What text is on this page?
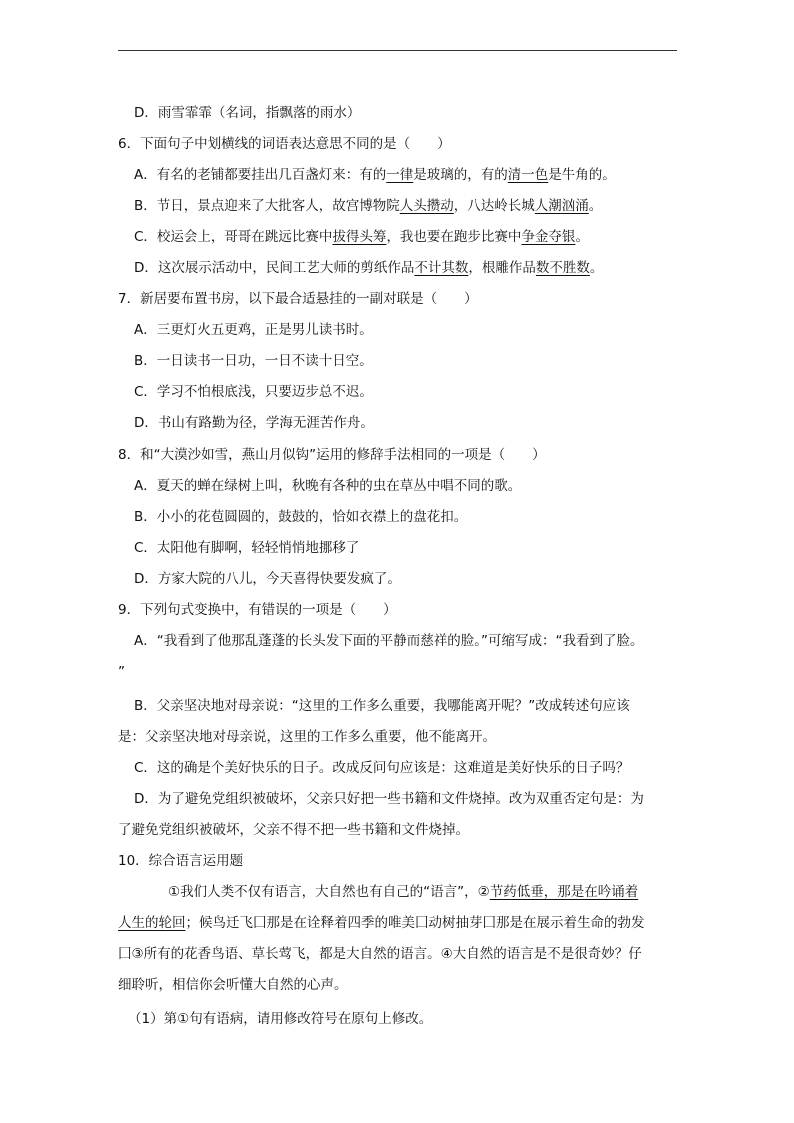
D．雨雪霏霏（名词，指飘落的雨水）
6．下面句子中划横线的词语表达意思不同的是（　　）
A．有名的老铺都要挂出几百盏灯来：有的一律是玻璃的，有的清一色是牛角的。
B．节日，景点迎来了大批客人，故宫博物院人头攒动，八达岭长城人潮汹涌。
C．校运会上，哥哥在跳远比赛中拔得头筹，我也要在跑步比赛中争金夺银。
D．这次展示活动中，民间工艺大师的剪纸作品不计其数，根雕作品数不胜数。
7．新居要布置书房，以下最合适悬挂的一副对联是（　　）
A．三更灯火五更鸡，正是男儿读书时。
B．一日读书一日功，一日不读十日空。
C．学习不怕根底浅，只要迈步总不迟。
D．书山有路勤为径，学海无涯苦作舟。
8．和“大漠沙如雪，燕山月似钩”运用的修辞手法相同的一项是（　　）
A．夏天的蝉在绿树上叫，秋晚有各种的虫在草丛中唱不同的歌。
B．小小的花苞圆圆的，鼓鼓的，恰如衣襟上的盘花扣。
C．太阳他有脚啊，轻轻悄悄地挪移了
D．方家大院的八儿，今天喜得快要发疯了。
9．下列句式变换中，有错误的一项是（　　）
A．“我看到了他那乱蓬蓬的长头发下面的平静而慈祥的脸。”可缩写成：“我看到了脸。
”
B．父亲坚决地对母亲说：“这里的工作多么重要，我哪能离开呢？”改成转述句应该
是：父亲坚决地对母亲说，这里的工作多么重要，他不能离开。
C．这的确是个美好快乐的日子。改成反问句应该是：这难道是美好快乐的日子吗？
D．为了避免党组织被破坏，父亲只好把一些书籍和文件烧掉。改为双重否定句是：为
了避免党组织被破坏，父亲不得不把一些书籍和文件烧掉。
10．综合语言运用题
①我们人类不仅有语言，大自然也有自己的“语言”，②节药低垂，那是在吟诵着
人生的轮回；候鸟迁飞囗那是在诠释着四季的唯美囗动树抽芽囗那是在展示着生命的勃发
囗③所有的花香鸟语、草长莺飞，都是大自然的语言。④大自然的语言是不是很奇妙？仔
细聆听，相信你会听懂大自然的心声。
（1）第①句有语病，请用修改符号在原句上修改。
